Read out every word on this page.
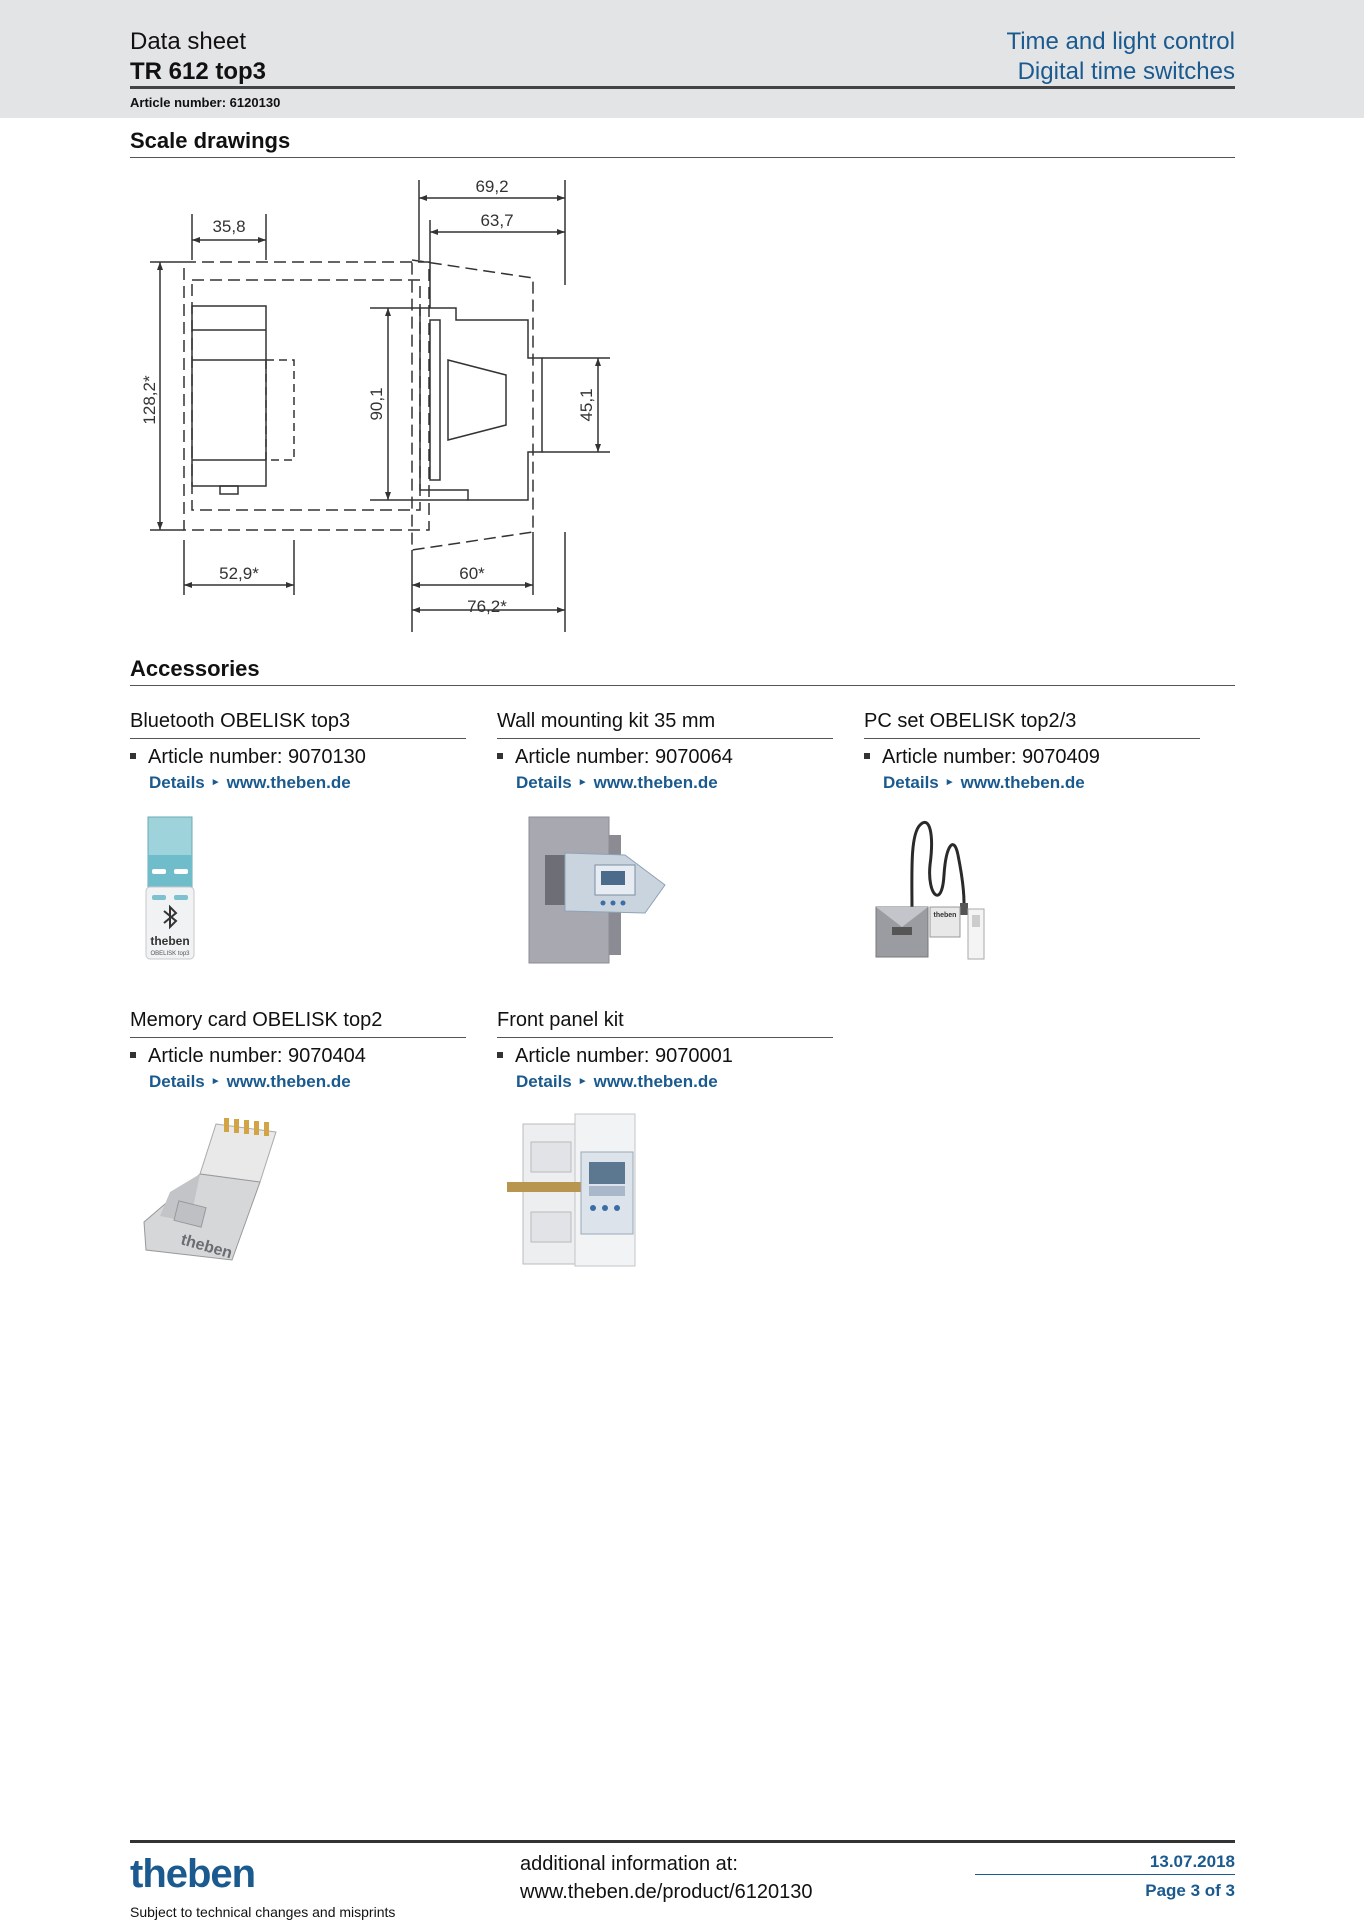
Data sheet
TR 612 top3
Time and light control
Digital time switches
Article number: 6120130
Scale drawings
35,8
128,2*
52,9*
69,2
63,7
90,1	45,1
60*
76,2*
Accessories
Bluetooth OBELISK top3
Article number: 9070130
Details ► www.theben.de
theben
OBELISK top3
Wall mounting kit 35 mm
Article number: 9070064
Details ► www.theben.de
PC set OBELISK top2/3
Article number: 9070409
Details ► www.theben.de
theben
Memory card OBELISK top2
Article number: 9070404
Details ► www.theben.de
theben
Front panel kit
Article number: 9070001
Details ► www.theben.de
theben
Subject to technical changes and misprints
additional information at:
www.theben.de/product/6120130
13.07.2018
Page 3 of 3
